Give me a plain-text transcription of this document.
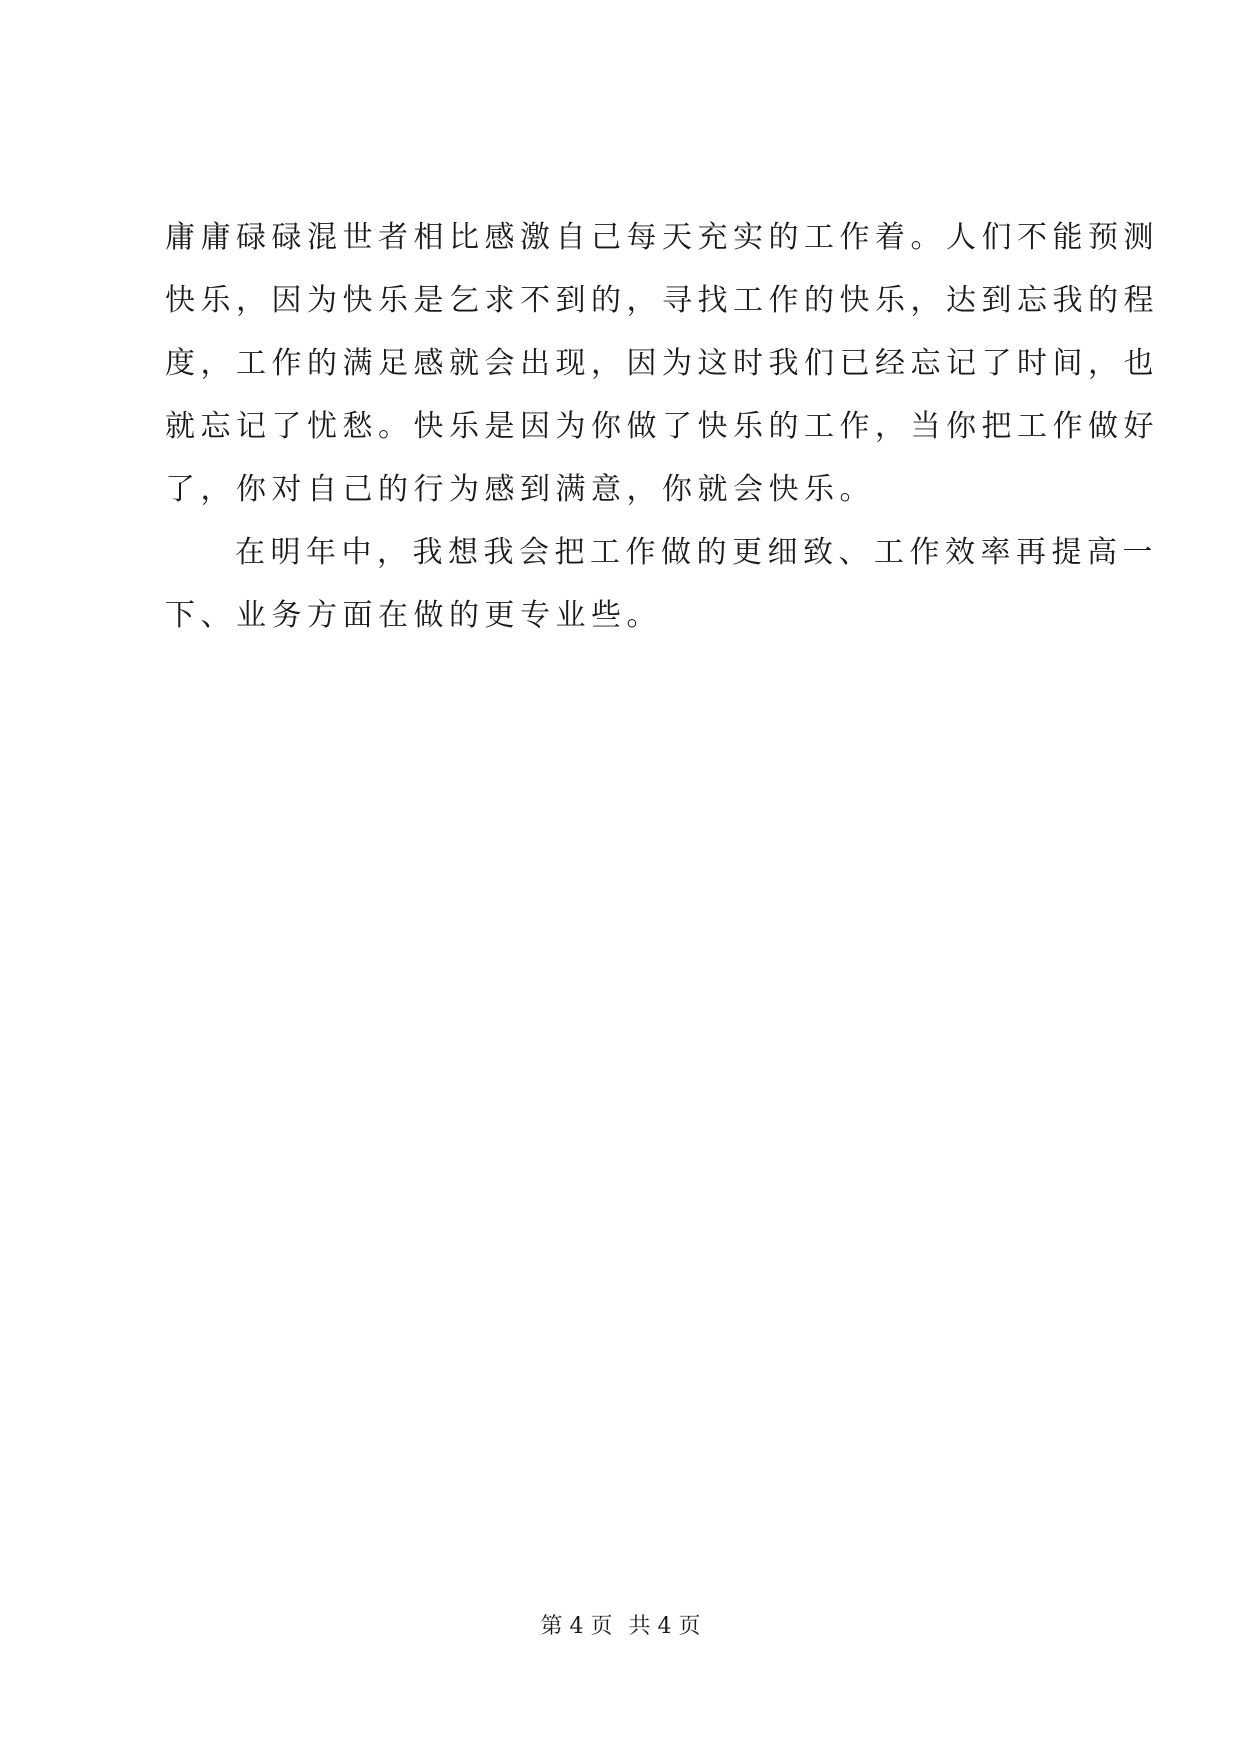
庸庸碌碌混世者相比感激自己每天充实的工作着。人们不能预测
快乐，因为快乐是乞求不到的，寻找工作的快乐，达到忘我的程
度，工作的满足感就会出现，因为这时我们已经忘记了时间，也
就忘记了忧愁。快乐是因为你做了快乐的工作，当你把工作做好
了，你对自己的行为感到满意，你就会快乐。
在明年中，我想我会把工作做的更细致、工作效率再提高一
下、业务方面在做的更专业些。
第 4 页 共 4 页
